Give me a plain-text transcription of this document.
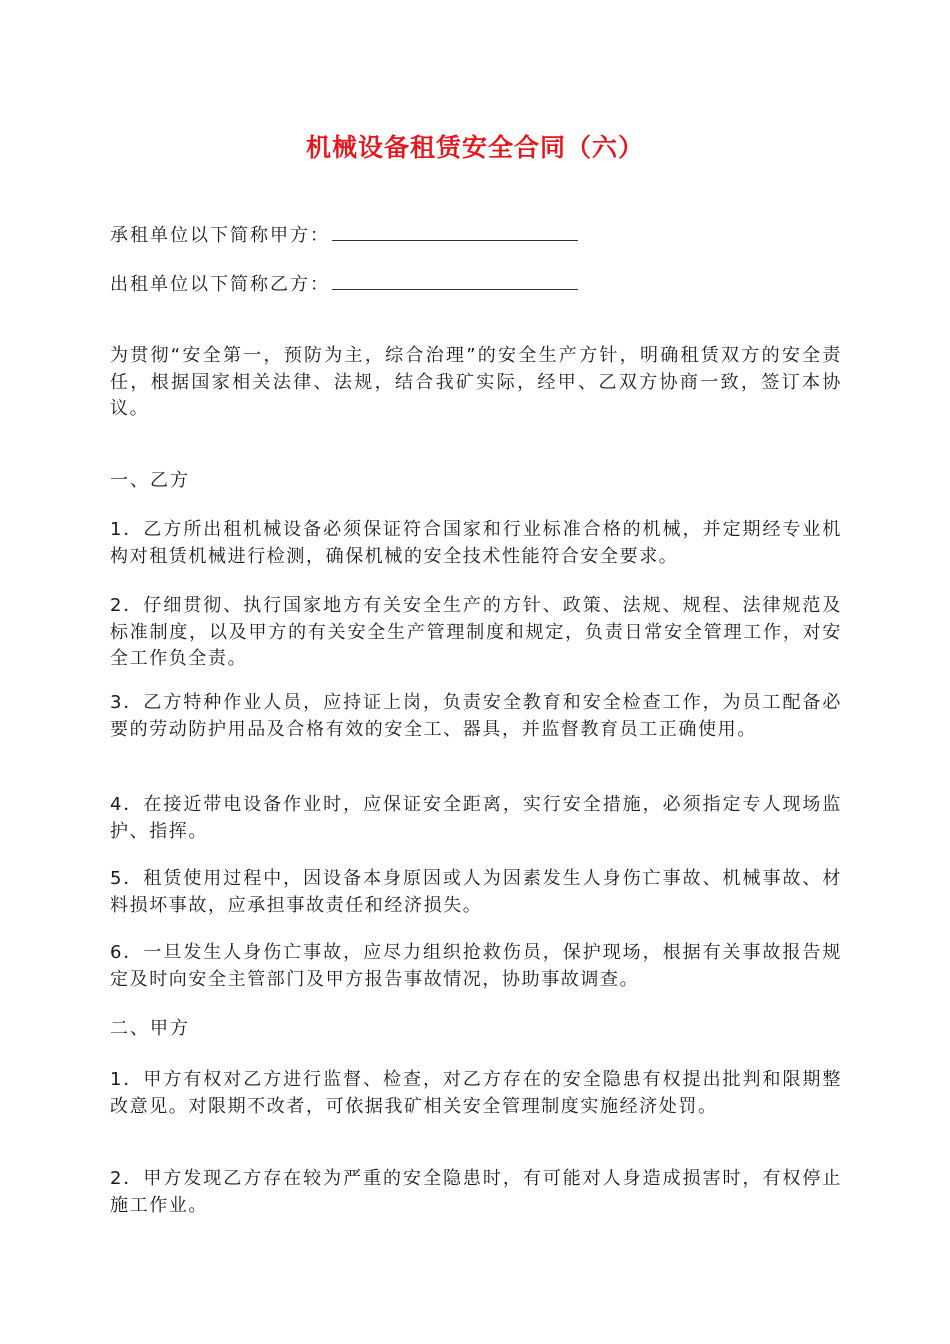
机械设备租赁安全合同（六）
承租单位以下简称甲方：
出租单位以下简称乙方：

为贯彻“安全第一，预防为主，综合治理”的安全生产方针，明确租赁双方的安全责任，根据国家相关法律、法规，结合我矿实际，经甲、乙双方协商一致，签订本协议。

一、乙方

1．乙方所出租机械设备必须保证符合国家和行业标准合格的机械，并定期经专业机构对租赁机械进行检测，确保机械的安全技术性能符合安全要求。

2．仔细贯彻、执行国家地方有关安全生产的方针、政策、法规、规程、法律规范及标准制度，以及甲方的有关安全生产管理制度和规定，负责日常安全管理工作，对安全工作负全责。

3．乙方特种作业人员，应持证上岗，负责安全教育和安全检查工作，为员工配备必要的劳动防护用品及合格有效的安全工、器具，并监督教育员工正确使用。

4．在接近带电设备作业时，应保证安全距离，实行安全措施，必须指定专人现场监护、指挥。

5．租赁使用过程中，因设备本身原因或人为因素发生人身伤亡事故、机械事故、材料损坏事故，应承担事故责任和经济损失。

6．一旦发生人身伤亡事故，应尽力组织抢救伤员，保护现场，根据有关事故报告规定及时向安全主管部门及甲方报告事故情况，协助事故调查。

二、甲方

1．甲方有权对乙方进行监督、检查，对乙方存在的安全隐患有权提出批判和限期整改意见。对限期不改者，可依据我矿相关安全管理制度实施经济处罚。

2．甲方发现乙方存在较为严重的安全隐患时，有可能对人身造成损害时，有权停止施工作业。
